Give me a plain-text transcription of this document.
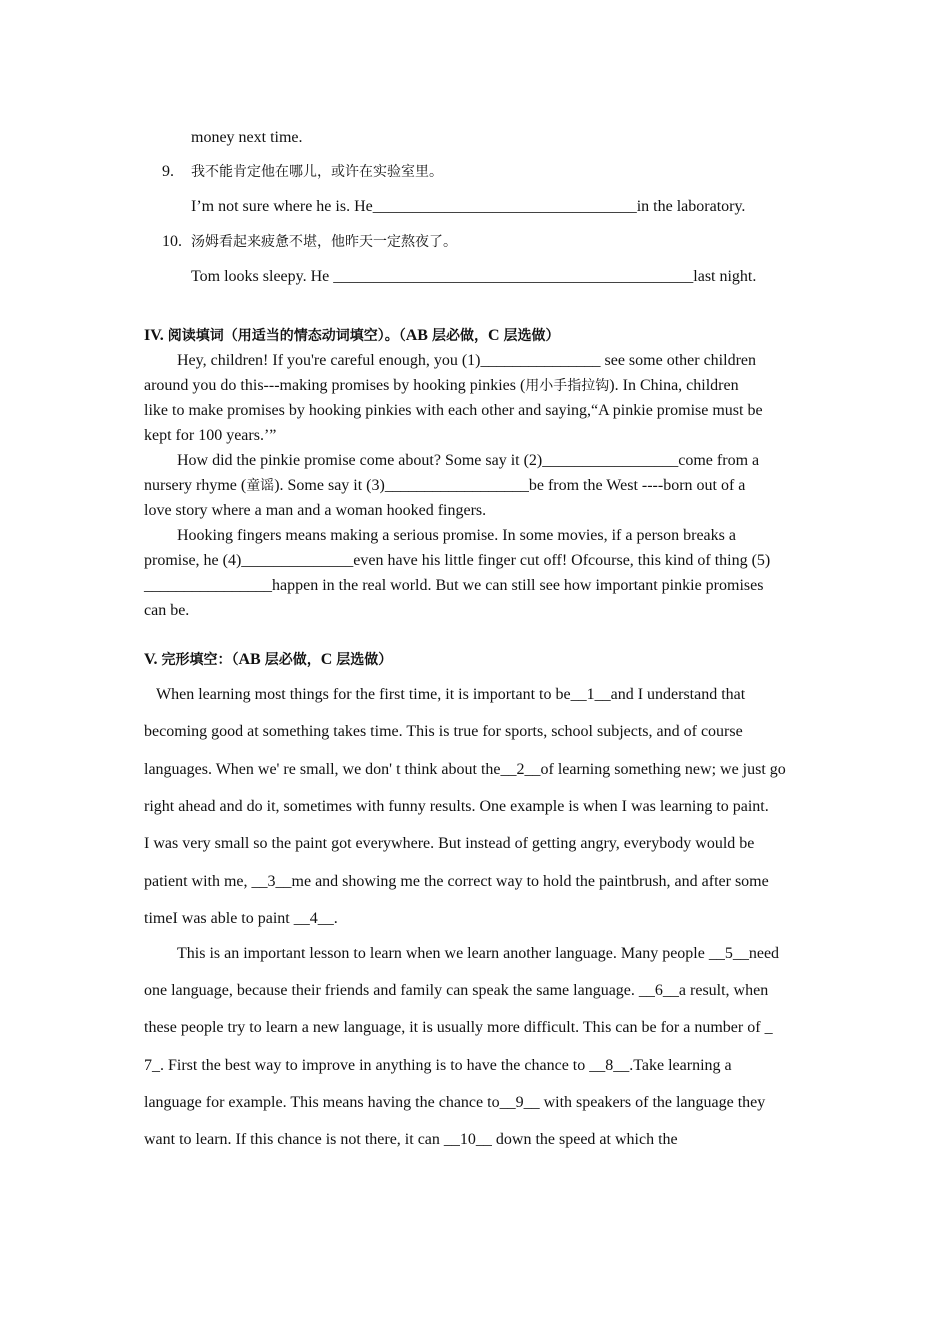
money next time.
9. 我不能肯定他在哪儿，或许在实验室里。
I’m not sure where he is. He_________________________________in the laboratory.
10. 汤姆看起来疲惫不堪，他昨天一定熬夜了。
Tom looks sleepy. He _____________________________________________last night.
IV. 阅读填词（用适当的情态动词填空）。（AB 层必做，C 层选做）
Hey, children! If you're careful enough, you (1)_______________ see some other children
around you do this---making promises by hooking pinkies (用小手指拉钩). In China, children
like to make promises by hooking pinkies with each other and saying,“A pinkie promise must be
kept for 100 years.’”
How did the pinkie promise come about? Some say it (2)_________________come from a
nursery rhyme (童谣). Some say it (3)__________________be from the West ----born out of a
love story where a man and a woman hooked fingers.
Hooking fingers means making a serious promise. In some movies, if a person breaks a
promise, he (4)______________even have his little finger cut off! Ofcourse, this kind of thing (5)
________________happen in the real world. But we can still see how important pinkie promises
can be.
V. 完形填空：（AB 层必做，C 层选做）
When learning most things for the first time, it is important to be__1__and I understand that
becoming good at something takes time. This is true for sports, school subjects, and of course
languages. When we' re small, we don' t think about the__2__of learning something new; we just go
right ahead and do it, sometimes with funny results. One example is when I was learning to paint.
I was very small so the paint got everywhere. But instead of getting angry, everybody would be
patient with me, __3__me and showing me the correct way to hold the paintbrush, and after some
timeI was able to paint __4__.
This is an important lesson to learn when we learn another language. Many people __5__need
one language, because their friends and family can speak the same language. __6__a result, when
these people try to learn a new language, it is usually more difficult. This can be for a number of _
7_. First the best way to improve in anything is to have the chance to __8__.Take learning a
language for example. This means having the chance to__9__ with speakers of the language they
want to learn. If this chance is not there, it can __10__ down the speed at which the
